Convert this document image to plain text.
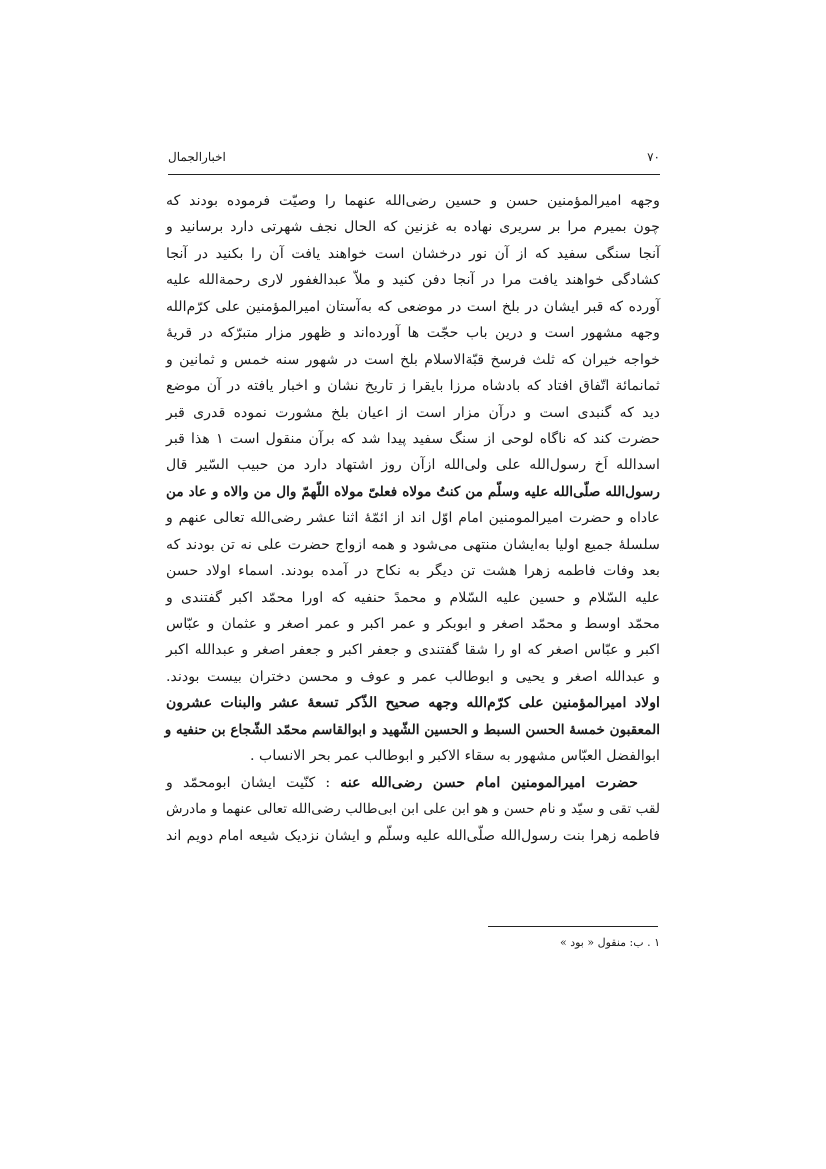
اخبارالجمال	۷۰
وجهه امیرالمؤمنین حسن و حسین رضی‌الله عنهما را وصیّت فرموده بودند که
چون بمیرم مرا بر سریری نهاده به غزنین که الحال نجف شهرتی دارد برسانید و
آنجا سنگی سفید که از آن نور درخشان است خواهند یافت آن را بکنید در آنجا
کشادگی خواهند یافت مرا در آنجا دفن کنید و ملاّ عبدالغفور لاری رحمةالله علیه
آورده که قبر ایشان در بلخ است در موضعی که به‌آستان امیرالمؤمنین علی کرّم‌الله
وجهه مشهور است و درین باب حجّت ها آورده‌اند و ظهور مزار متبرّکه در قریهٔ
خواجه خیران که ثلث فرسخ قبّةالاسلام بلخ است در شهور سنه خمس و ثمانین و
ثمانمائة اتّفاق افتاد که بادشاه مرزا بایقرا ز تاریخ نشان و اخبار یافته در آن موضع
دید که گنبدی است و درآن مزار است از اعیان بلخ مشورت نموده قدری قبر
حضرت کند که ناگاه لوحی از سنگ سفید پیدا شد که برآن منقول است ۱ هذا قبر
اسدالله اَخ رسول‌الله علی ولی‌الله ازآن روز اشتهاد دارد من حبیب السّیر قال
رسول‌الله صلّی‌الله علیه وسلّم من کنتُ مولاه فعلیّ مولاه اللّهمّ وال من والاه و عاد من
عاداه و حضرت امیرالمومنین امام اوّل اند از ائمّهٔ اثنا عشر رضی‌الله تعالی عنهم و
سلسلهٔ جمیع اولیا به‌ایشان منتهی می‌شود و همه ازواج حضرت علی نه تن بودند که
بعد وفات فاطمه زهرا هشت تن دیگر به نکاح در آمده بودند. اسماء اولاد حسن
علیه السّلام و حسین علیه السّلام و محمدً حنفیه که اورا محمّد اکبر گفتندی و
محمّد اوسط و محمّد اصغر و ابوبکر و عمر اکبر و عمر اصغر و عثمان و عبّاس
اکبر و عبّاس اصغر که او را شقا گفتندی و جعفر اکبر و جعفر اصغر و عبدالله اکبر
و عبدالله اصغر و یحیی و ابوطالب عمر و عوف و محسن دختران بیست بودند.
اولاد امیرالمؤمنین علی کرّم‌الله وجهه صحیح الذّکر تسعهٔ عشر والبنات عشرون
المعقبون خمسهٔ الحسن السبط و الحسین الشّهید و ابوالقاسم محمّد الشّجاع بن حنفیه و
ابوالفضل العبّاس مشهور به سقاء الاکبر و ابوطالب عمر بحر الانساب .
حضرت امیرالمومنین امام حسن رضی‌الله عنه : کنّیت ایشان ابومحمّد و
لقب تقی و سیّد و نام حسن و هو ابن علی ابن ابی‌طالب رضی‌الله تعالی عنهما و مادرش
فاطمه زهرا بنت رسول‌الله صلّی‌الله علیه وسلّم و ایشان نزدیک شیعه امام دویم اند
۱ . ب: منقول « بود »
